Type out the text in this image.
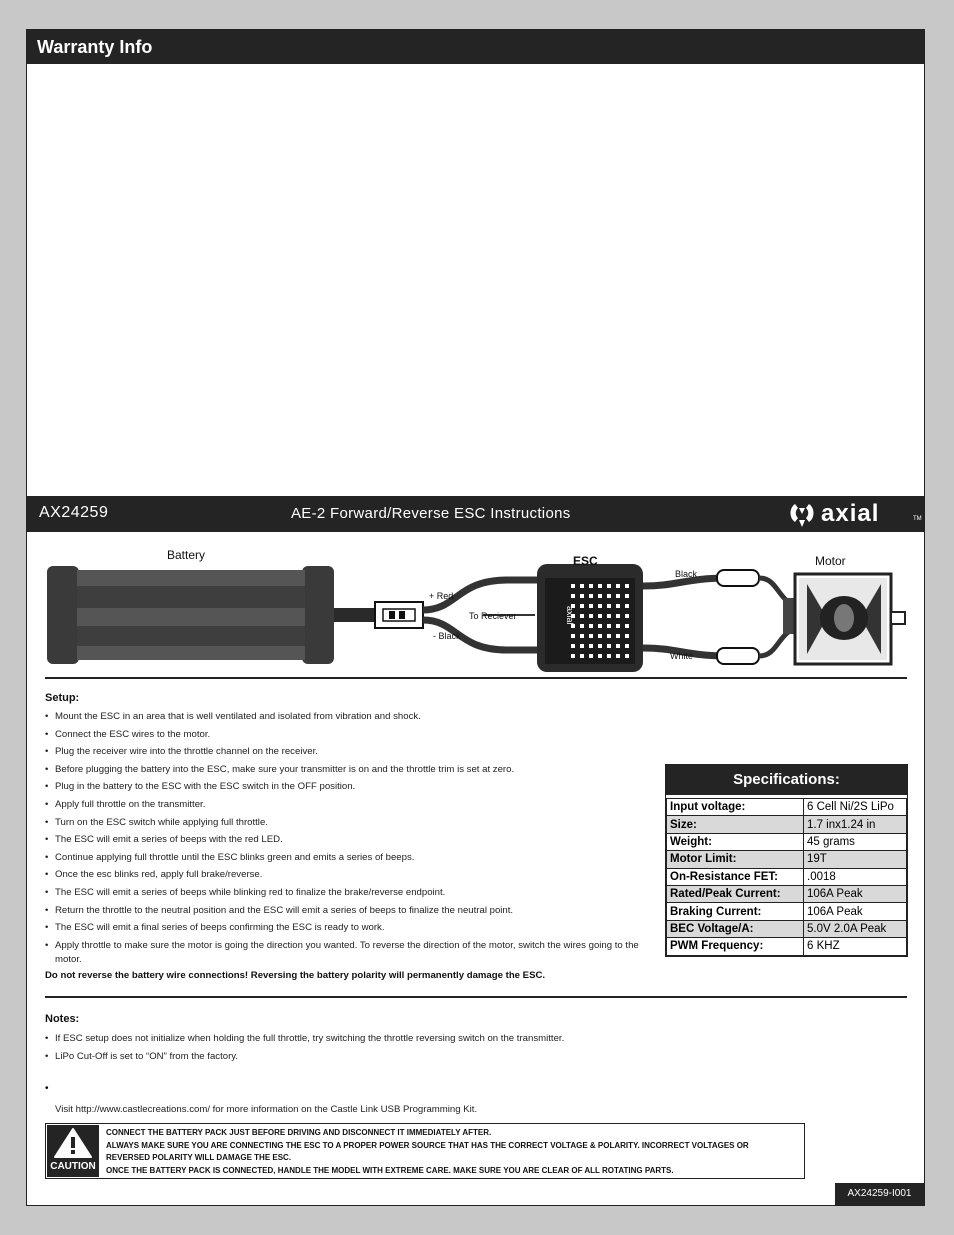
Warranty Info
AX24259	AE-2 Forward/Reverse ESC Instructions	axial	TM
axial
Battery	ESC	Motor
+ Red
- Black
To Reciever
Black
White
Setup:
• Mount the ESC in an area that is well ventilated and isolated from vibration and shock.
• Connect the ESC wires to the motor.
• Plug the receiver wire into the throttle channel on the receiver.
• Before plugging the battery into the ESC, make sure your transmitter is on and the throttle trim is set at zero.
• Plug in the battery to the ESC with the ESC switch in the OFF position.
• Apply full throttle on the transmitter.
• Turn on the ESC switch while applying full throttle.
• The ESC will emit a series of beeps with the red LED.
• Continue applying full throttle until the ESC blinks green and emits a series of beeps.
• Once the esc blinks red, apply full brake/reverse.
• The ESC will emit a series of beeps while blinking red to finalize the brake/reverse endpoint.
• Return the throttle to the neutral position and the ESC will emit a series of beeps to finalize the neutral point.
• The ESC will emit a final series of beeps confirming the ESC is ready to work.
• Apply throttle to make sure the motor is going the direction you wanted. To reverse the direction of the motor, switch the wires going to the motor.
Do not reverse the battery wire connections! Reversing the battery polarity will permanently damage the ESC.
Specifications:
Input voltage:	6 Cell Ni/2S LiPo
Size:	1.7 inx1.24 in
Weight:	45 grams
Motor Limit:	19T
On-Resistance FET:	.0018
Rated/Peak Current:	106A Peak
Braking Current:	106A Peak
BEC Voltage/A:	5.0V 2.0A Peak
PWM Frequency:	6 KHZ
Notes:
• If ESC setup does not initialize when holding the full throttle, try switching the throttle reversing switch on the transmitter.
• LiPo Cut-Off is set to “ON” from the factory.
•
Visit http://www.castlecreations.com/ for more information on the Castle Link USB Programming Kit.
CAUTION
CONNECT THE BATTERY PACK JUST BEFORE DRIVING AND DISCONNECT IT IMMEDIATELY AFTER.
ALWAYS MAKE SURE YOU ARE CONNECTING THE ESC TO A PROPER POWER SOURCE THAT HAS THE CORRECT VOLTAGE & POLARITY. INCORRECT VOLTAGES OR
REVERSED POLARITY WILL DAMAGE THE ESC.
ONCE THE BATTERY PACK IS CONNECTED, HANDLE THE MODEL WITH EXTREME CARE. MAKE SURE YOU ARE CLEAR OF ALL ROTATING PARTS.
AX24259-I001
